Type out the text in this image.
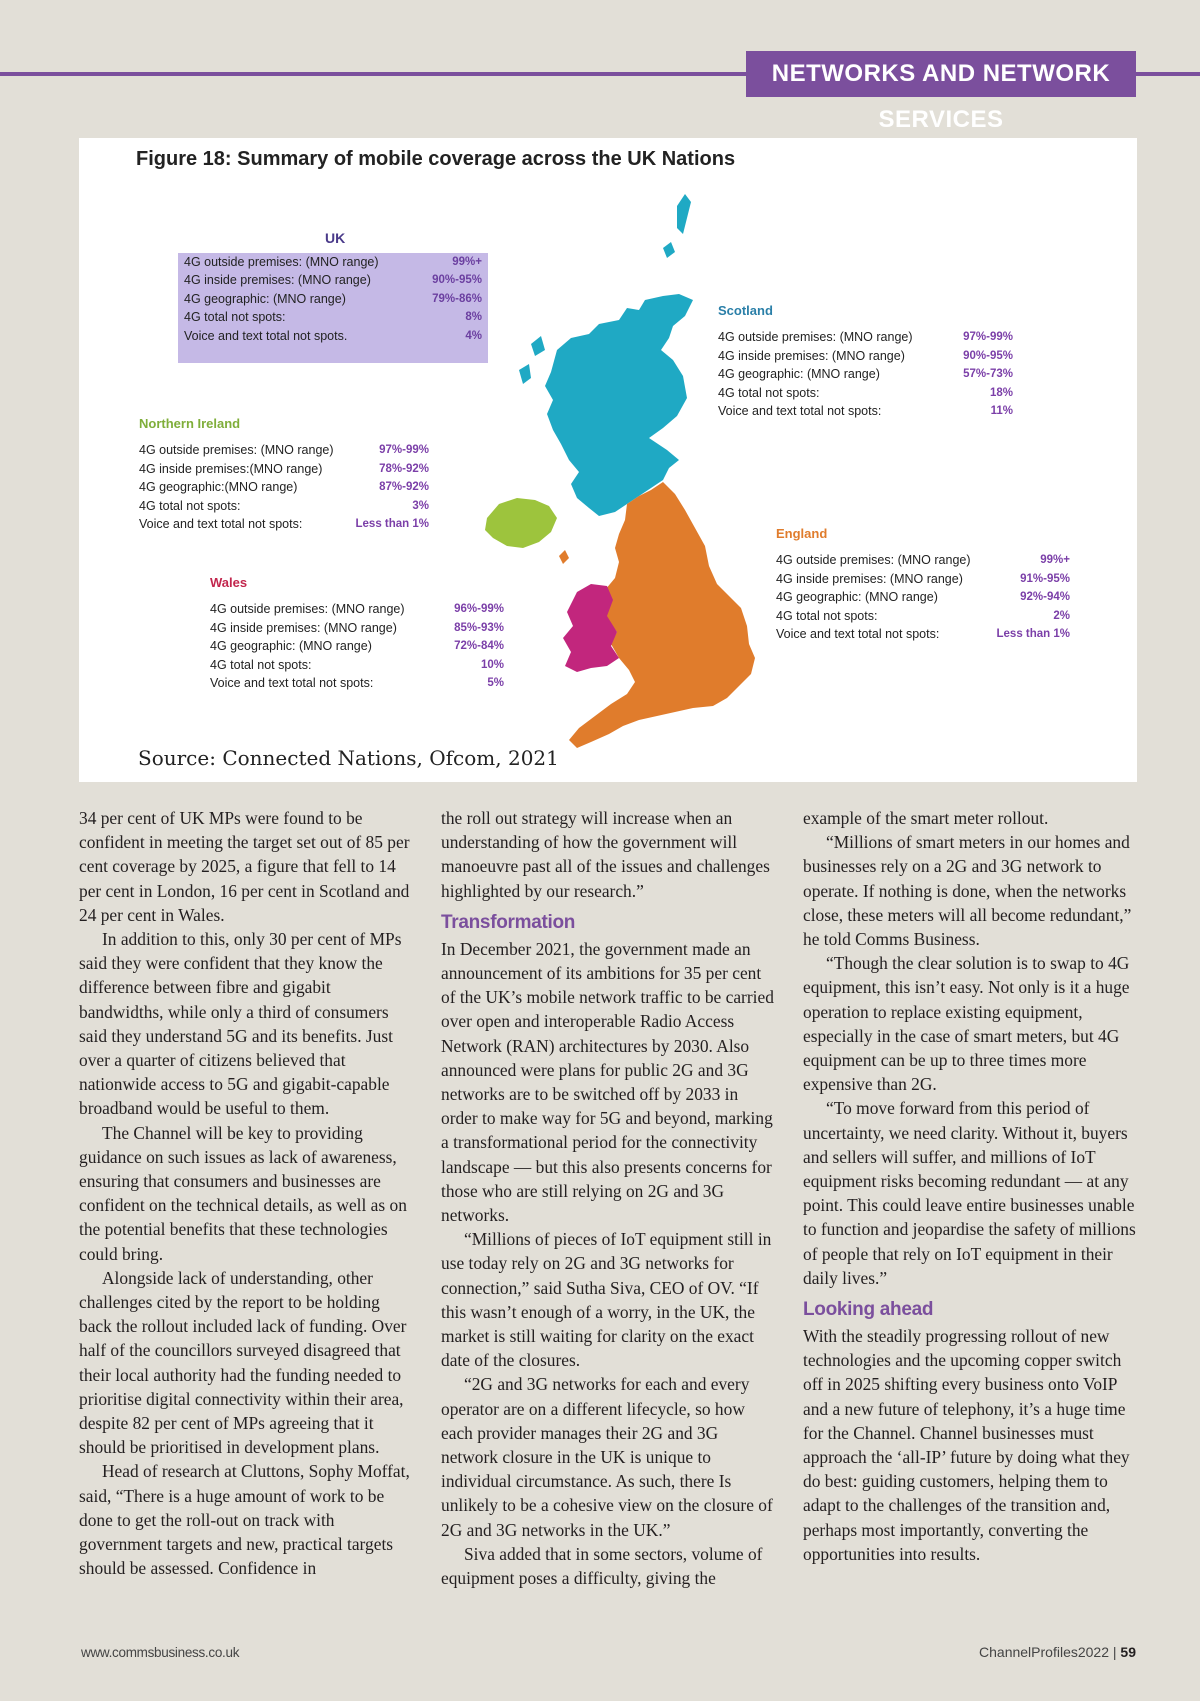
NETWORKS AND NETWORK SERVICES
Figure 18: Summary of mobile coverage across the UK Nations
UK
4G outside premises: (MNO range)	99%+
4G inside premises: (MNO range)	90%-95%
4G geographic: (MNO range)	79%-86%
4G total not spots:	8%
Voice and text total not spots.	4%
Scotland
4G outside premises: (MNO range)	97%-99%
4G inside premises: (MNO range)	90%-95%
4G geographic: (MNO range)	57%-73%
4G total not spots:	18%
Voice and text total not spots:	11%
Northern Ireland
4G outside premises: (MNO range)	97%-99%
4G inside premises:(MNO range)	78%-92%
4G geographic:(MNO range)	87%-92%
4G total not spots:	3%
Voice and text total not spots:	Less than 1%
England
4G outside premises: (MNO range)	99%+
4G inside premises: (MNO range)	91%-95%
4G geographic: (MNO range)	92%-94%
4G total not spots:	2%
Voice and text total not spots:	Less than 1%
Wales
4G outside premises: (MNO range)	96%-99%
4G inside premises: (MNO range)	85%-93%
4G geographic: (MNO range)	72%-84%
4G total not spots:	10%
Voice and text total not spots:	5%
Source: Connected Nations, Ofcom, 2021

34 per cent of UK MPs were found to be confident in meeting the target set out of 85 per cent coverage by 2025, a figure that fell to 14 per cent in London, 16 per cent in Scotland and 24 per cent in Wales.

In addition to this, only 30 per cent of MPs said they were confident that they know the difference between fibre and gigabit bandwidths, while only a third of consumers said they understand 5G and its benefits. Just over a quarter of citizens believed that nationwide access to 5G and gigabit-capable broadband would be useful to them.

The Channel will be key to providing guidance on such issues as lack of awareness, ensuring that consumers and businesses are confident on the technical details, as well as on the potential benefits that these technologies could bring.

Alongside lack of understanding, other challenges cited by the report to be holding back the rollout included lack of funding. Over half of the councillors surveyed disagreed that their local authority had the funding needed to prioritise digital connectivity within their area, despite 82 per cent of MPs agreeing that it should be prioritised in development plans.

Head of research at Cluttons, Sophy Moffat, said, “There is a huge amount of work to be done to get the roll-out on track with government targets and new, practical targets should be assessed. Confidence in

the roll out strategy will increase when an understanding of how the government will manoeuvre past all of the issues and challenges highlighted by our research.”

Transformation

In December 2021, the government made an announcement of its ambitions for 35 per cent of the UK’s mobile network traffic to be carried over open and interoperable Radio Access Network (RAN) architectures by 2030. Also announced were plans for public 2G and 3G networks are to be switched off by 2033 in order to make way for 5G and beyond, marking a transformational period for the connectivity landscape — but this also presents concerns for those who are still relying on 2G and 3G networks.

“Millions of pieces of IoT equipment still in use today rely on 2G and 3G networks for connection,” said Sutha Siva, CEO of OV. “If this wasn’t enough of a worry, in the UK, the market is still waiting for clarity on the exact date of the closures.

“2G and 3G networks for each and every operator are on a different lifecycle, so how each provider manages their 2G and 3G network closure in the UK is unique to individual circumstance. As such, there Is unlikely to be a cohesive view on the closure of 2G and 3G networks in the UK.”

Siva added that in some sectors, volume of equipment poses a difficulty, giving the

example of the smart meter rollout.

“Millions of smart meters in our homes and businesses rely on a 2G and 3G network to operate. If nothing is done, when the networks close, these meters will all become redundant,” he told Comms Business.

“Though the clear solution is to swap to 4G equipment, this isn’t easy. Not only is it a huge operation to replace existing equipment, especially in the case of smart meters, but 4G equipment can be up to three times more expensive than 2G.

“To move forward from this period of uncertainty, we need clarity. Without it, buyers and sellers will suffer, and millions of IoT equipment risks becoming redundant — at any point. This could leave entire businesses unable to function and jeopardise the safety of millions of people that rely on IoT equipment in their daily lives.”

Looking ahead

With the steadily progressing rollout of new technologies and the upcoming copper switch off in 2025 shifting every business onto VoIP and a new future of telephony, it’s a huge time for the Channel. Channel businesses must approach the ‘all-IP’ future by doing what they do best: guiding customers, helping them to adapt to the challenges of the transition and, perhaps most importantly, converting the opportunities into results.

www.commsbusiness.co.uk	ChannelProfiles2022 | 59
